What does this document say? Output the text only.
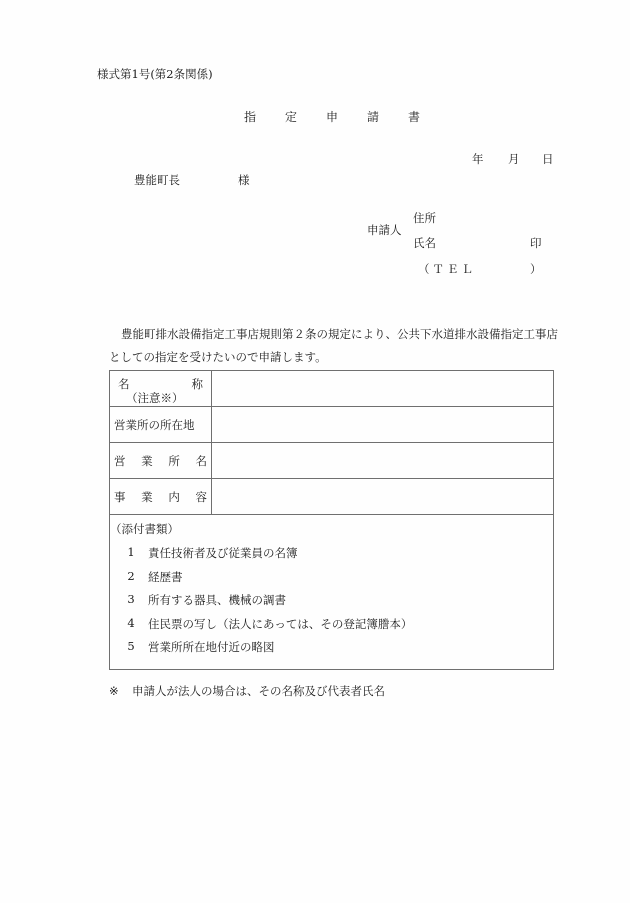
様式第1号(第2条関係)
指	定	申	請	書
年 月 日
豊能町長	様
申請人
住所
氏名	印
（ＴＥＬ	）
豊能町排水設備指定工事店規則第２条の規定により、公共下水道排水設備指定工事店
としての指定を受けたいので申請します。
名 称
（注意※）	

営業所の所在地	

営 業 所 名	

事 業 内 容	

（添付書類）
1	責任技術者及び従業員の名簿
2	経歴書
3	所有する器具、機械の調書
4	住民票の写し（法人にあっては、その登記簿謄本）
5	営業所所在地付近の略図
※ 申請人が法人の場合は、その名称及び代表者氏名
